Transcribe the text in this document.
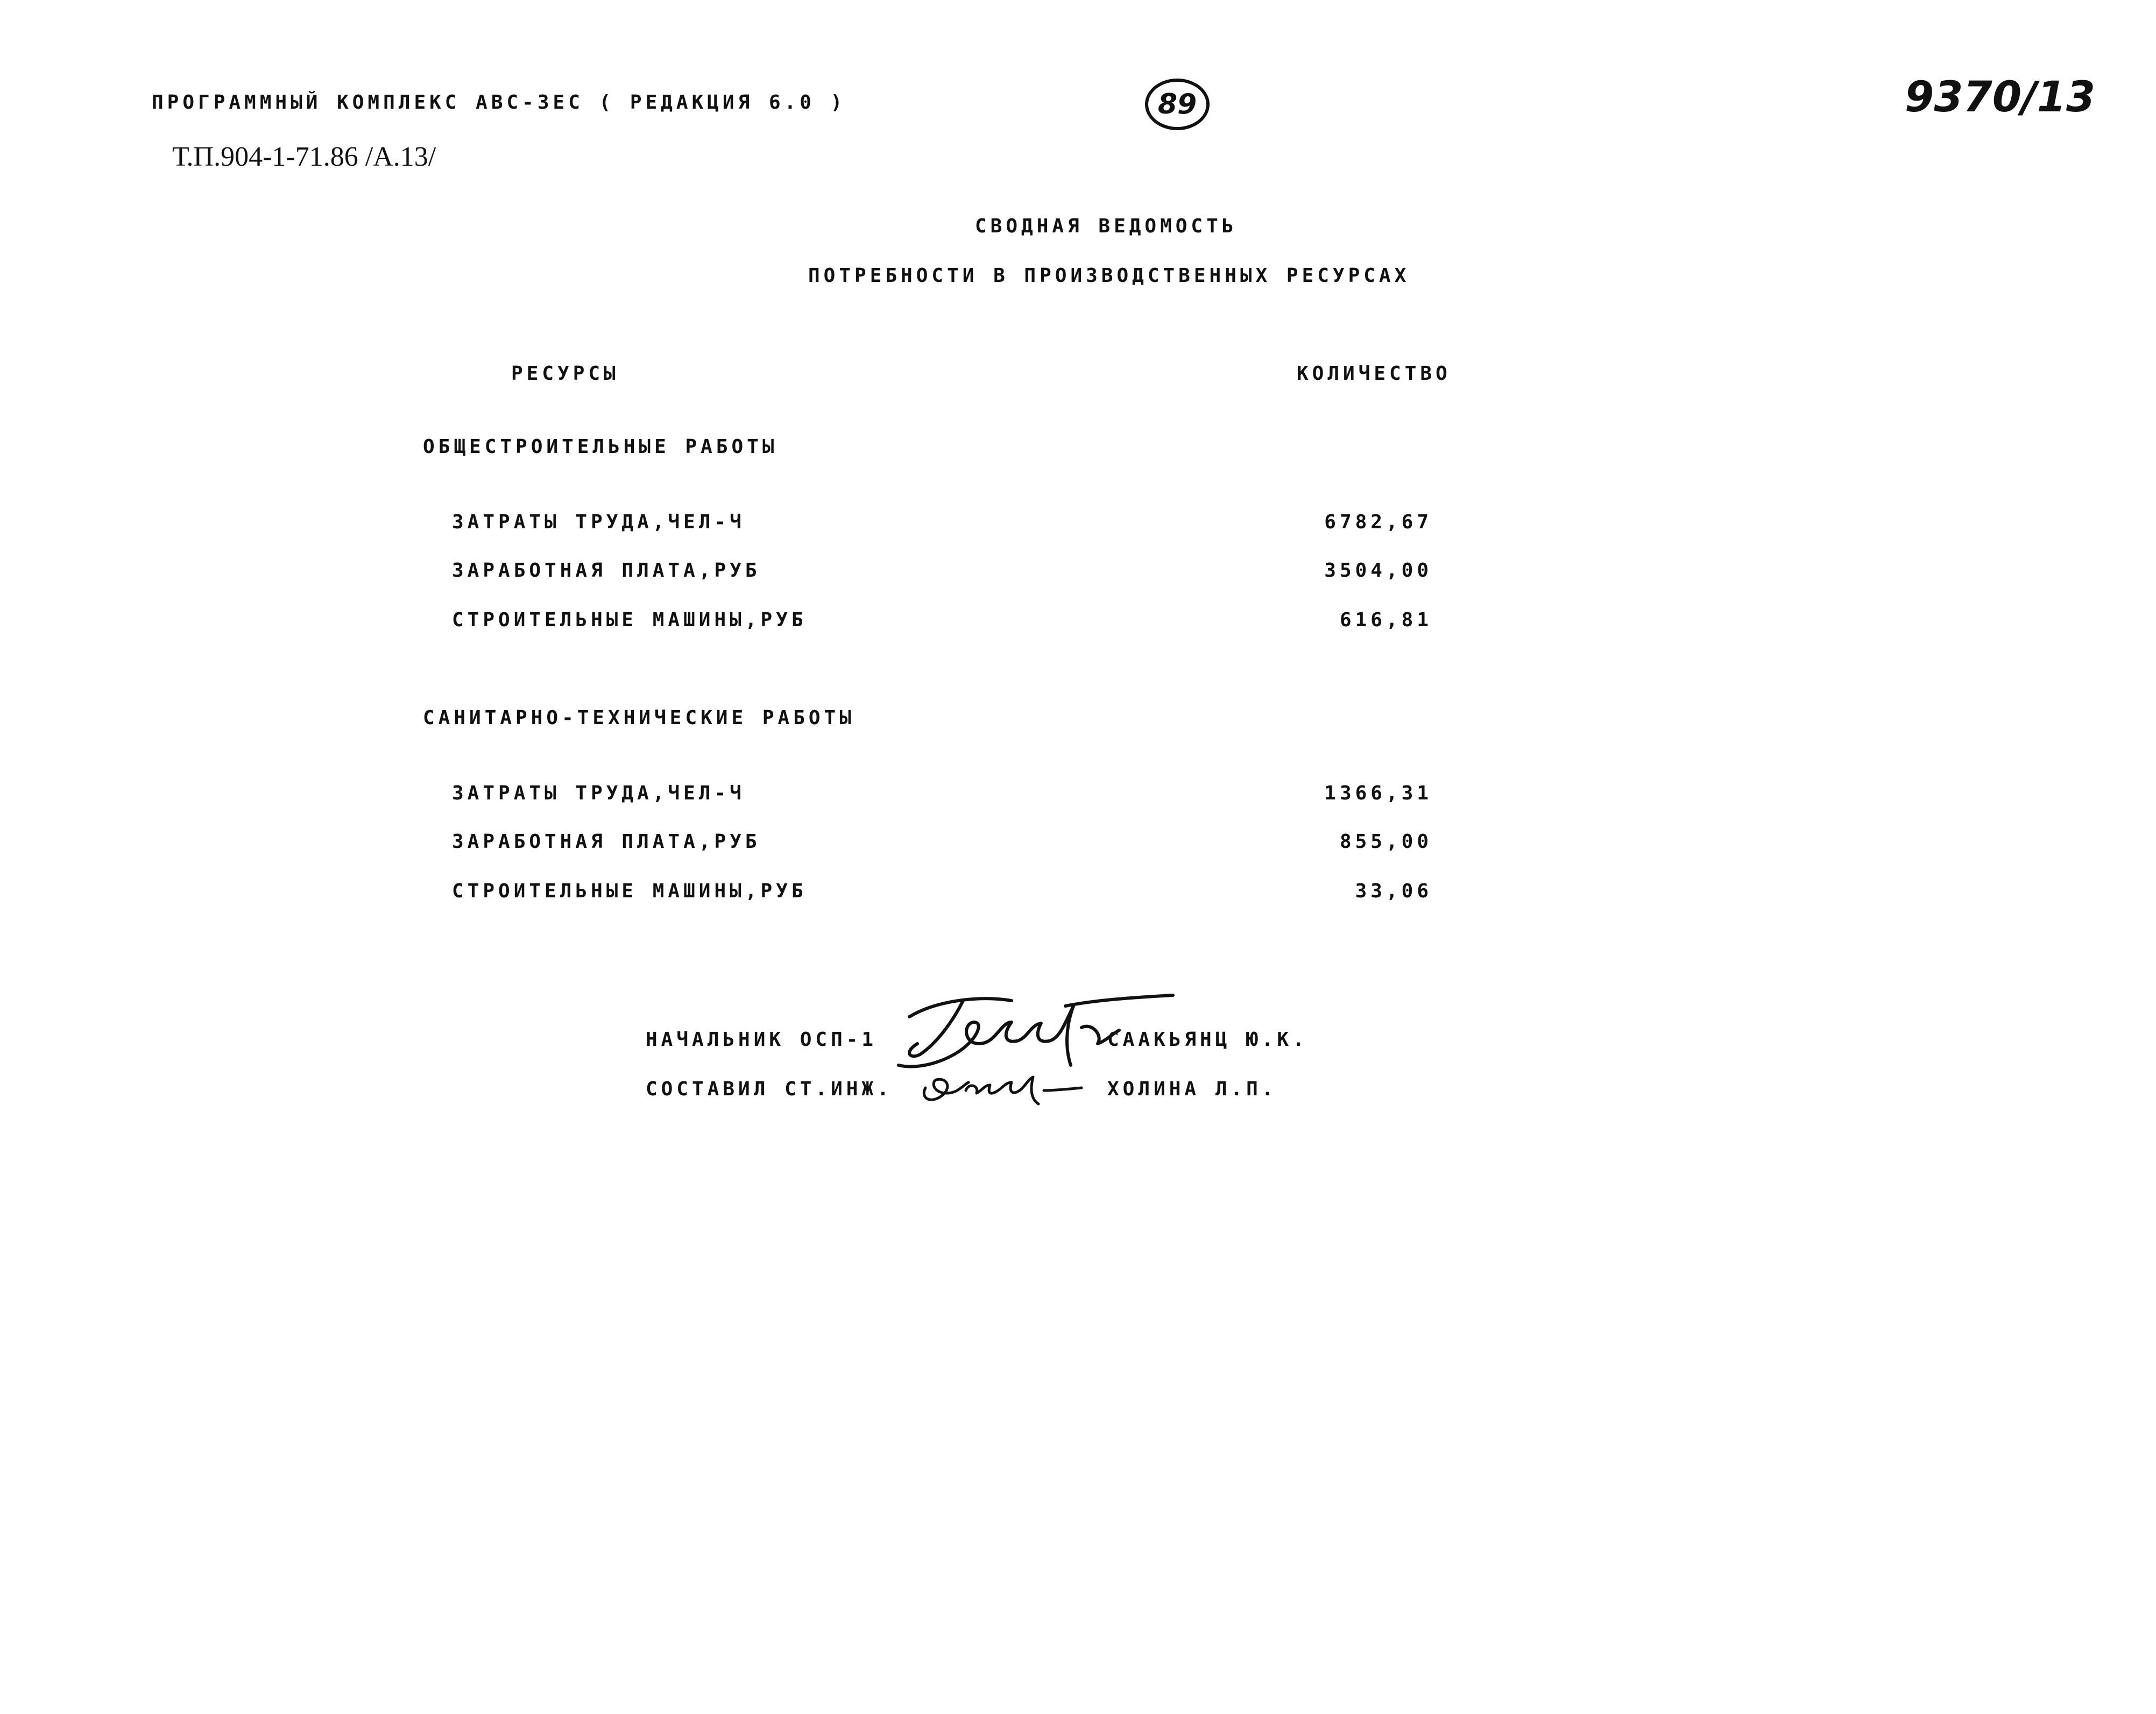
ПРОГРАММНЫЙ КОМПЛЕКС АВС-ЗЕС ( РЕДАКЦИЯ 6.0 )
Т.П.904-1-71.86 /А.13/
89	9370/13
СВОДНАЯ ВЕДОМОСТЬ
ПОТРЕБНОСТИ В ПРОИЗВОДСТВЕННЫХ РЕСУРСАХ
РЕСУРСЫ	КОЛИЧЕСТВО
ОБЩЕСТРОИТЕЛЬНЫЕ РАБОТЫ
ЗАТРАТЫ ТРУДА,ЧЕЛ-Ч	6782,67
ЗАРАБОТНАЯ ПЛАТА,РУБ	3504,00
СТРОИТЕЛЬНЫЕ МАШИНЫ,РУБ	616,81
САНИТАРНО-ТЕХНИЧЕСКИЕ РАБОТЫ
ЗАТРАТЫ ТРУДА,ЧЕЛ-Ч	1366,31
ЗАРАБОТНАЯ ПЛАТА,РУБ	855,00
СТРОИТЕЛЬНЫЕ МАШИНЫ,РУБ	33,06
НАЧАЛЬНИК ОСП-1	СААКЬЯНЦ Ю.К.
СОСТАВИЛ СТ.ИНЖ.	ХОЛИНА Л.П.
